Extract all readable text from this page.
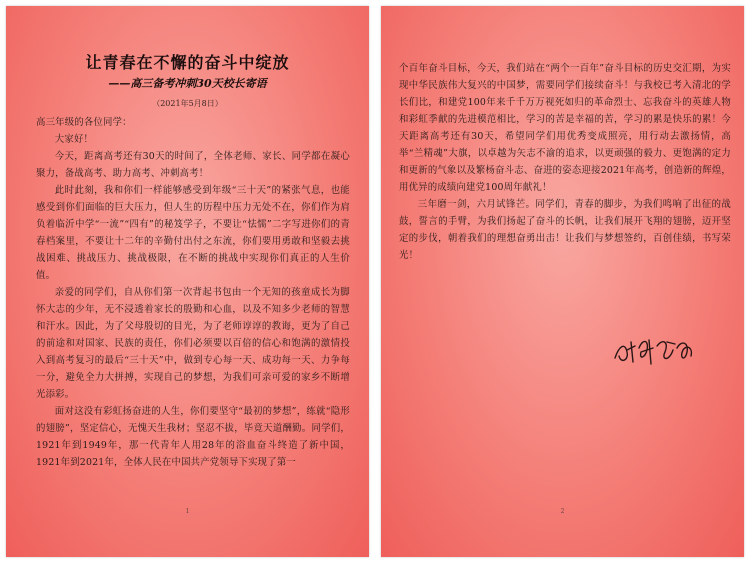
让青春在不懈的奋斗中绽放
——高三备考冲刺30天校长寄语
（2021年5月8日）

高三年级的各位同学：

大家好！

今天，距离高考还有30天的时间了，全体老师、家长、同学都在凝心聚力，备战高考、助力高考、冲刺高考！

此时此刻，我和你们一样能够感受到年级“三十天”的紧张气息，也能感受到你们面临的巨大压力，但人生的历程中压力无处不在，你们作为肩负着临沂中学“一流”“四有”的秘笈学子，不要让“怯懦”二字写进你们的青春档案里，不要让十二年的辛勤付出付之东流，你们要用勇敢和坚毅去挑战困难、挑战压力、挑战极限，在不断的挑战中实现你们真正的人生价值。

亲爱的同学们，自从你们第一次背起书包由一个无知的孩童成长为脚怀大志的少年，无不浸透着家长的殷勤和心血，以及不知多少老师的智慧和汗水。因此，为了父母殷切的目光，为了老师谆谆的教诲，更为了自己的前途和对国家、民族的责任，你们必须要以百倍的信心和饱满的激情投入到高考复习的最后“三十天”中，做到专心每一天、成功每一天、力争每一分，避免全力大拼搏，实现自己的梦想，为我们可亲可爱的家乡不断增光添彩。

面对这没有彩虹扬奋进的人生，你们要坚守“最初的梦想”，练就“隐形的翅膀”，坚定信心，无愧天生我材；坚忍不拔，毕竟天道酬勤。同学们，1921年到1949年，那一代青年人用28年的浴血奋斗终造了新中国，1921年到2021年，全体人民在中国共产党领导下实现了第一

1

个百年奋斗目标，今天，我们站在“两个一百年”奋斗目标的历史交汇期，为实现中华民族伟大复兴的中国梦，需要同学们接续奋斗！与我校已考入清北的学长们比，和建党100年来千千万万视死如归的革命烈士、忘我奋斗的英雄人物和彩虹季献的先进模范相比，学习的苦是幸福的苦，学习的累是快乐的累！今天距离高考还有30天，希望同学们用优秀变成照亮，用行动去激扬情，高举“兰精魂”大旗，以卓越为矢志不渝的追求，以更顽强的毅力、更饱满的定力和更新的气象以及繁杨奋斗志、奋进的姿态迎接2021年高考，创造新的辉煌，用优异的成绩向建党100周年献礼！

三年磨一剑，六月试锋芒。同学们，青春的脚步，为我们鸣响了出征的战鼓，誓言的手臂，为我们扬起了奋斗的长帆，让我们展开飞翔的翅膀，迈开坚定的步伐，朝着我们的理想奋勇出击！让我们与梦想签约，百创佳绩，书写荣光！

2
